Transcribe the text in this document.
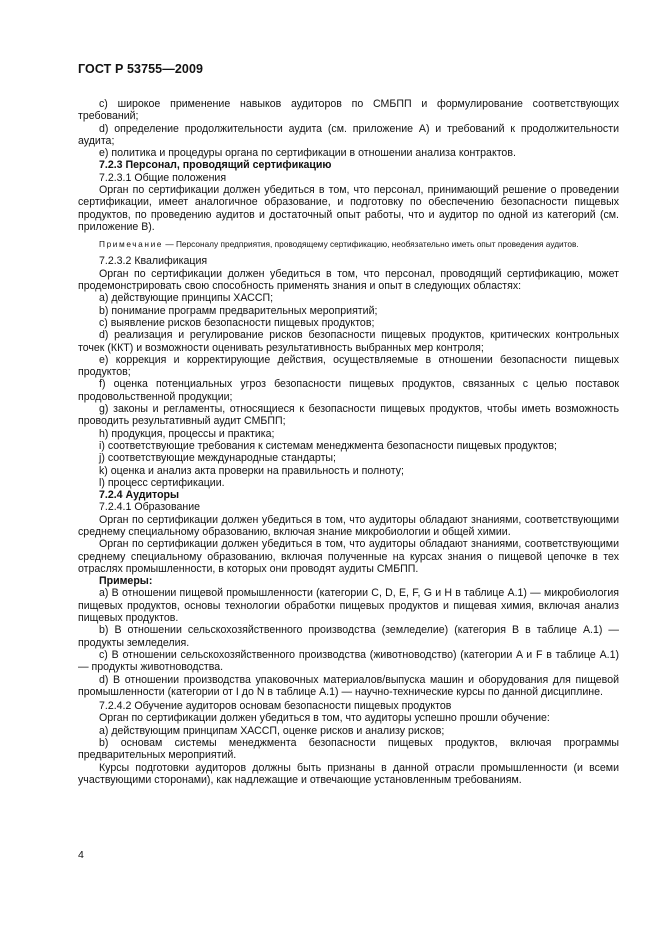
ГОСТ Р 53755—2009

c) широкое применение навыков аудиторов по СМБПП и формулирование соответствующих требований;

d) определение продолжительности аудита (см. приложение А) и требований к продолжительности аудита;

e) политика и процедуры органа по сертификации в отношении анализа контрактов.

7.2.3 Персонал, проводящий сертификацию

7.2.3.1 Общие положения

Орган по сертификации должен убедиться в том, что персонал, принимающий решение о проведении сертификации, имеет аналогичное образование, и подготовку по обеспечению безопасности пищевых продуктов, по проведению аудитов и достаточный опыт работы, что и аудитор по одной из категорий (см. приложение В).

Примечание — Персоналу предприятия, проводящему сертификацию, необязательно иметь опыт проведения аудитов.

7.2.3.2 Квалификация

Орган по сертификации должен убедиться в том, что персонал, проводящий сертификацию, может продемонстрировать свою способность применять знания и опыт в следующих областях:

a) действующие принципы ХАССП;

b) понимание программ предварительных мероприятий;

c) выявление рисков безопасности пищевых продуктов;

d) реализация и регулирование рисков безопасности пищевых продуктов, критических контрольных точек (ККТ) и возможности оценивать результативность выбранных мер контроля;

e) коррекция и корректирующие действия, осуществляемые в отношении безопасности пищевых продуктов;

f) оценка потенциальных угроз безопасности пищевых продуктов, связанных с целью поставок продовольственной продукции;

g) законы и регламенты, относящиеся к безопасности пищевых продуктов, чтобы иметь возможность проводить результативный аудит СМБПП;

h) продукция, процессы и практика;

i) соответствующие требования к системам менеджмента безопасности пищевых продуктов;

j) соответствующие международные стандарты;

k) оценка и анализ акта проверки на правильность и полноту;

l) процесс сертификации.

7.2.4 Аудиторы

7.2.4.1 Образование

Орган по сертификации должен убедиться в том, что аудиторы обладают знаниями, соответствующими среднему специальному образованию, включая знание микробиологии и общей химии.

Орган по сертификации должен убедиться в том, что аудиторы обладают знаниями, соответствующими среднему специальному образованию, включая полученные на курсах знания о пищевой цепочке в тех отраслях промышленности, в которых они проводят аудиты СМБПП.

Примеры:

a) В отношении пищевой промышленности (категории C, D, E, F, G и H в таблице А.1) — микробиология пищевых продуктов, основы технологии обработки пищевых продуктов и пищевая химия, включая анализ пищевых продуктов.

b) В отношении сельскохозяйственного производства (земледелие) (категория В в таблице А.1) — продукты земледелия.

c) В отношении сельскохозяйственного производства (животноводство) (категории A и F в таблице А.1) — продукты животноводства.

d) В отношении производства упаковочных материалов/выпуска машин и оборудования для пищевой промышленности (категории от I до N в таблице А.1) — научно-технические курсы по данной дисциплине.

7.2.4.2 Обучение аудиторов основам безопасности пищевых продуктов

Орган по сертификации должен убедиться в том, что аудиторы успешно прошли обучение:

a) действующим принципам ХАССП, оценке рисков и анализу рисков;

b) основам системы менеджмента безопасности пищевых продуктов, включая программы предварительных мероприятий.

Курсы подготовки аудиторов должны быть признаны в данной отрасли промышленности (и всеми участвующими сторонами), как надлежащие и отвечающие установленным требованиям.

4
